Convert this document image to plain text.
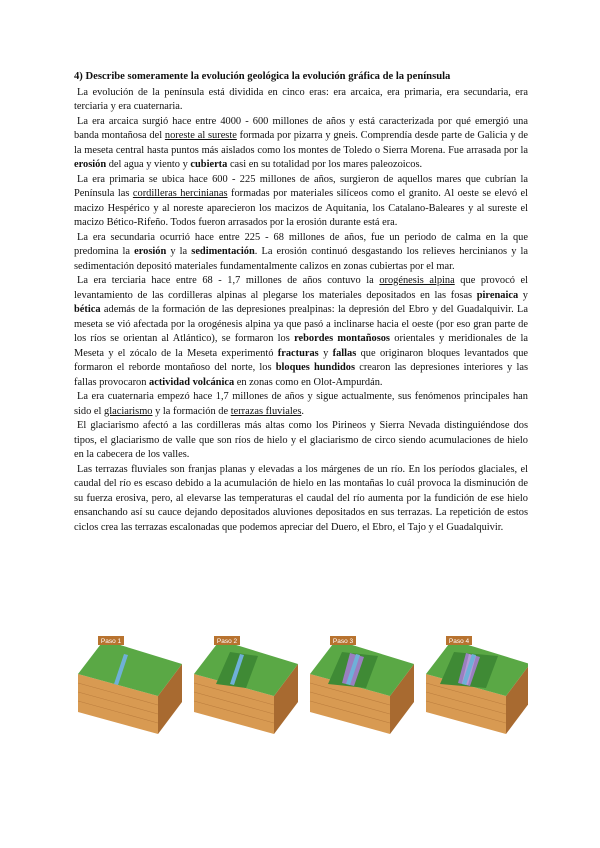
4) Describe someramente la evolución geológica la evolución gráfica de la península

La evolución de la península está dividida en cinco eras: era arcaica, era primaria, era secundaria, era terciaria y era cuaternaria.

La era arcaica surgió hace entre 4000 - 600 millones de años y está caracterizada por qué emergió una banda montañosa del noreste al sureste formada por pizarra y gneis. Comprendía desde parte de Galicia y de la meseta central hasta puntos más aislados como los montes de Toledo o Sierra Morena. Fue arrasada por la erosión del agua y viento y cubierta casi en su totalidad por los mares paleozoicos.

La era primaria se ubica hace 600 - 225 millones de años, surgieron de aquellos mares que cubrían la Península las cordilleras hercinianas formadas por materiales silíceos como el granito. Al oeste se elevó el macizo Hespérico y al noreste aparecieron los macizos de Aquitania, los Catalano-Baleares y al sureste el macizo Bético-Rifeño. Todos fueron arrasados por la erosión durante está era.

La era secundaria ocurrió hace entre 225 - 68 millones de años, fue un periodo de calma en la que predomina la erosión y la sedimentación. La erosión continuó desgastando los relieves hercinianos y la sedimentación depositó materiales fundamentalmente calizos en zonas cubiertas por el mar.

La era terciaria hace entre 68 - 1,7 millones de años contuvo la orogénesis alpina que provocó el levantamiento de las cordilleras alpinas al plegarse los materiales depositados en las fosas pirenaica y bética además de la formación de las depresiones prealpinas: la depresión del Ebro y del Guadalquivir. La meseta se vió afectada por la orogénesis alpina ya que pasó a inclinarse hacia el oeste (por eso gran parte de los ríos se orientan al Atlántico), se formaron los rebordes montañosos orientales y meridionales de la Meseta y el zócalo de la Meseta experimentó fracturas y fallas que originaron bloques levantados que formaron el reborde montañoso del norte, los bloques hundidos crearon las depresiones interiores y las fallas provocaron actividad volcánica en zonas como en Olot-Ampurdán.

La era cuaternaria empezó hace 1,7 millones de años y sigue actualmente, sus fenómenos principales han sido el glaciarismo y la formación de terrazas fluviales.

El glaciarismo afectó a las cordilleras más altas como los Pirineos y Sierra Nevada distinguiéndose dos tipos, el glaciarismo de valle que son ríos de hielo y el glaciarismo de circo siendo acumulaciones de hielo en la cabecera de los valles.

Las terrazas fluviales son franjas planas y elevadas a los márgenes de un río. En los períodos glaciales, el caudal del río es escaso debido a la acumulación de hielo en las montañas lo cuál provoca la disminución de su fuerza erosiva, pero, al elevarse las temperaturas el caudal del río aumenta por la fundición de ese hielo ensanchando así su cauce dejando depositados aluviones depositados en sus terrazas. La repetición de estos ciclos crea las terrazas escalonadas que podemos apreciar del Duero, el Ebro, el Tajo y el Guadalquivir.

Paso 1	Paso 2	Paso 3	Paso 4
